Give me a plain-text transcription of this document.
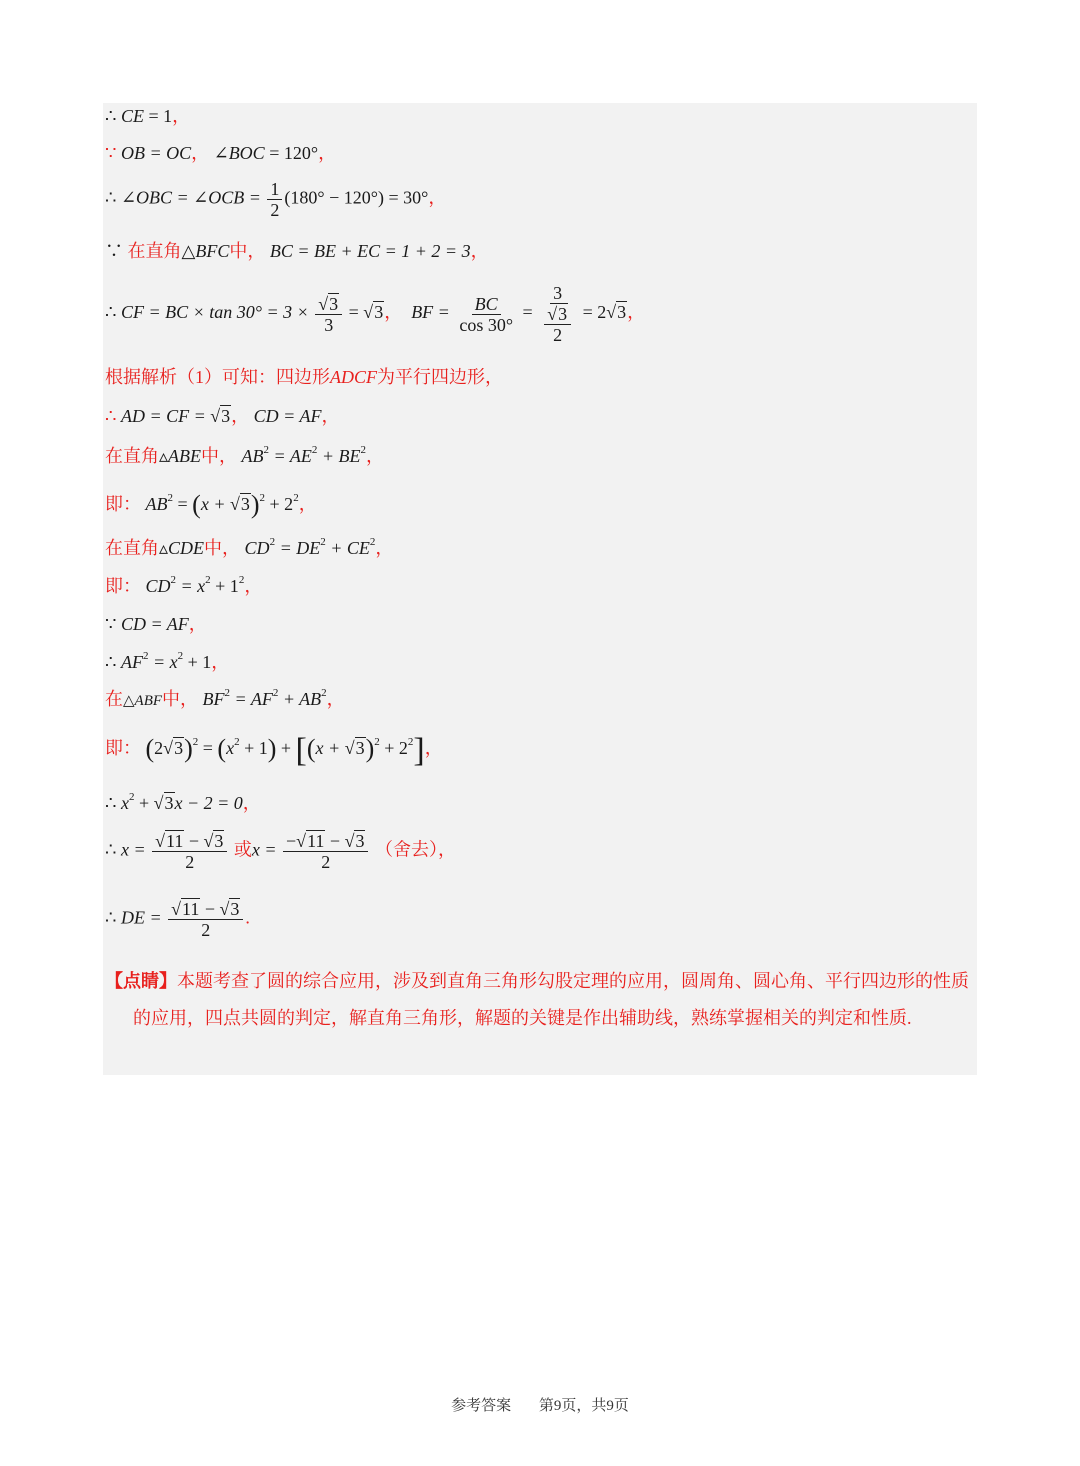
∴ CE = 1，
∵ OB = OC， ∠BOC = 120°，
∴ ∠OBC = ∠OCB = $\frac{1}{2} (180^\circ - 120^\circ) = 30^\circ$，
∵ 在直角△BFC中， BC = BE + EC = 1 + 2 = 3，
∴ CF = BC × $\tan 30^\circ = 3 \times \frac{√3}{3} = √3$， BF = $\frac{BC}{\cos 30^\circ} = \frac{3}{\frac{√3}{2}} = 2√3$，
根据解析（1）可知：四边形ADCF为平行四边形，
∴ AD = CF = √3， CD = AF，
在直角▵ABE中， $AB^2 = AE^2 + BE^2$，
即： $AB^2 = (x + √3)^2 + 2^2$，
在直角▵CDE中， $CD^2 = DE^2 + CE^2$，
即： $CD^2 = x^2 + 1^2$，
∵ CD = AF，
∴ $AF^2 = x^2 + 1$，
在△ABF中， $BF^2 = AF^2 + AB^2$，
即： $(2√3)^2 = (x^2 + 1) + [(x + √3)^2 + 2^2]$，
∴ $x^2 + √3x - 2 = 0$，
∴ $x = \frac{√11 - √3}{2}$ 或$x = \frac{-√11 - √3}{2}$ （舍去），
∴ DE = $\frac{√11 - √3}{2}$ .
【点睛】本题考查了圆的综合应用，涉及到直角三角形勾股定理的应用，圆周角、圆心角、平行四边形的性质的应用，四点共圆的判定，解直角三角形，解题的关键是作出辅助线，熟练掌握相关的判定和性质.
参考答案 第9页，共9页
